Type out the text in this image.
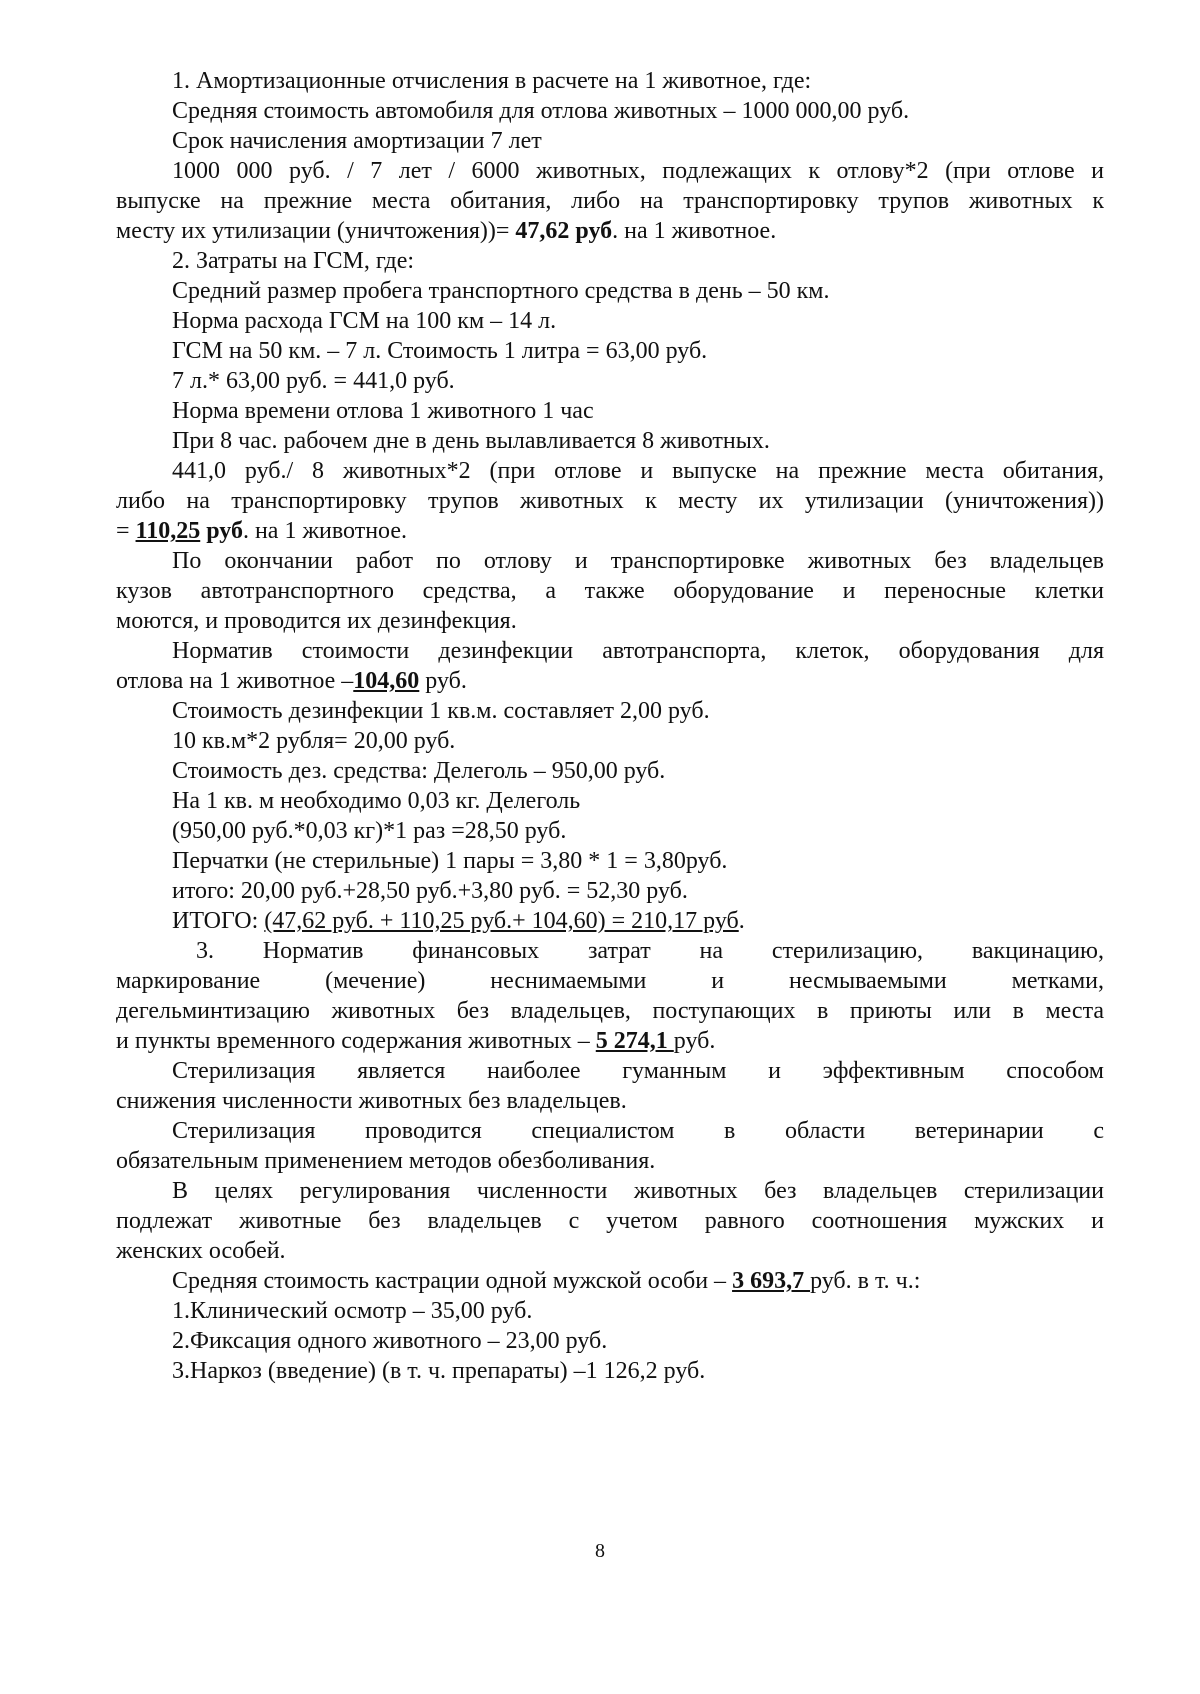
1. Амортизационные отчисления в расчете на 1 животное, где:
Средняя стоимость автомобиля для отлова животных – 1000 000,00 руб.
Срок начисления амортизации 7 лет
1000 000 руб. / 7 лет / 6000 животных, подлежащих к отлову*2 (при отлове и
выпуске на прежние места обитания, либо на транспортировку трупов животных к
месту их утилизации (уничтожения))= 47,62 руб. на 1 животное.
2. Затраты на ГСМ, где:
Средний размер пробега транспортного средства в день – 50 км.
Норма расхода ГСМ на 100 км – 14 л.
ГСМ на 50 км. – 7 л. Стоимость 1 литра = 63,00 руб.
7 л.* 63,00 руб. = 441,0 руб.
Норма времени отлова 1 животного 1 час
При 8 час. рабочем дне в день вылавливается 8 животных.
441,0 руб./ 8 животных*2 (при отлове и выпуске на прежние места обитания,
либо на транспортировку трупов животных к месту их утилизации (уничтожения))
= 110,25 руб. на 1 животное.
По окончании работ по отлову и транспортировке животных без владельцев
кузов автотранспортного средства, а также оборудование и переносные клетки
моются, и проводится их дезинфекция.
Норматив стоимости дезинфекции автотранспорта, клеток, оборудования для
отлова на 1 животное –104,60 руб.
Стоимость дезинфекции 1 кв.м. составляет 2,00 руб.
10 кв.м*2 рубля= 20,00 руб.
Стоимость дез. средства: Делеголь – 950,00 руб.
На 1 кв. м необходимо 0,03 кг. Делеголь
(950,00 руб.*0,03 кг)*1 раз =28,50 руб.
Перчатки (не стерильные) 1 пары = 3,80 * 1 = 3,80руб.
итого: 20,00 руб.+28,50 руб.+3,80 руб. = 52,30 руб.
ИТОГО: (47,62 руб. + 110,25 руб.+ 104,60) = 210,17 руб.
3. Норматив финансовых затрат на стерилизацию, вакцинацию,
маркирование (мечение) неснимаемыми и несмываемыми метками,
дегельминтизацию животных без владельцев, поступающих в приюты или в места
и пункты временного содержания животных – 5 274,1 руб.
Стерилизация является наиболее гуманным и эффективным способом
снижения численности животных без владельцев.
Стерилизация проводится специалистом в области ветеринарии с
обязательным применением методов обезболивания.
В целях регулирования численности животных без владельцев стерилизации
подлежат животные без владельцев с учетом равного соотношения мужских и
женских особей.
Средняя стоимость кастрации одной мужской особи – 3 693,7 руб. в т. ч.:
1.Клинический осмотр – 35,00 руб.
2.Фиксация одного животного – 23,00 руб.
3.Наркоз (введение) (в т. ч. препараты) –1 126,2 руб.
8
